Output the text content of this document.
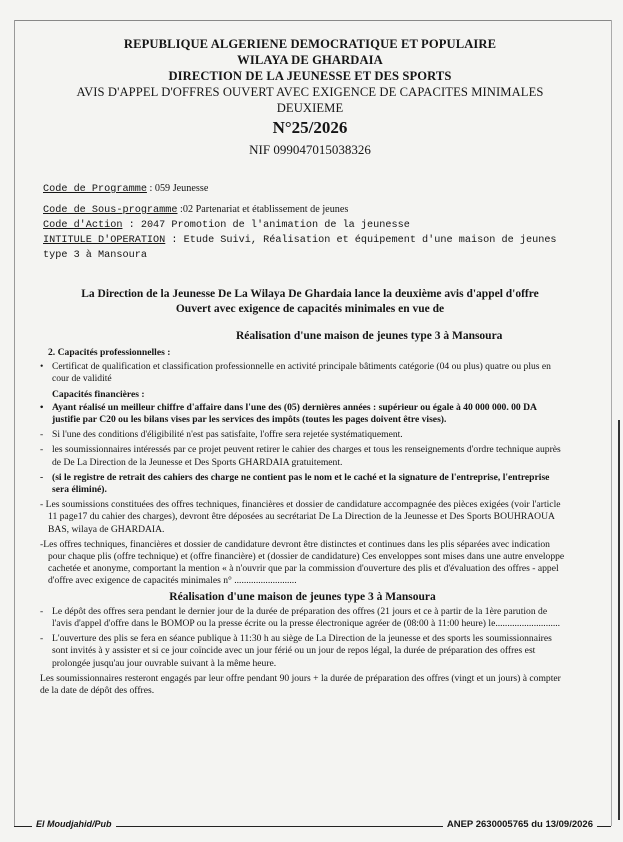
REPUBLIQUE ALGERIENE DEMOCRATIQUE ET POPULAIRE
WILAYA DE GHARDAIA
DIRECTION DE LA JEUNESSE ET DES SPORTS
AVIS D'APPEL D'OFFRES OUVERT AVEC EXIGENCE DE CAPACITES MINIMALES
DEUXIEME
N°25/2026
NIF 099047015038326
Code de Programme : 059 Jeunesse
Code de Sous-programme :02 Partenariat et établissement de jeunes
Code d'Action : 2047 Promotion de l'animation de la jeunesse
INTITULE D'OPERATION : Etude Suivi, Réalisation et équipement d'une maison de jeunes type 3 à Mansoura
La Direction de la Jeunesse De La Wilaya De Ghardaia lance la deuxième avis d'appel d'offre
Ouvert avec exigence de capacités minimales en vue de
Réalisation d'une maison de jeunes type 3 à Mansoura

2. Capacités professionnelles :

• Certificat de qualification et classification professionnelle en activité principale bâtiments catégorie (04 ou plus) quatre ou plus en cour de validité

Capacités financières :

• Ayant réalisé un meilleur chiffre d'affaire dans l'une des (05) dernières années : supérieur ou égale à 40 000 000. 00 DA justifie par C20 ou les bilans vises par les services des impôts (toutes les pages doivent être vises).

- Si l'une des conditions d'éligibilité n'est pas satisfaite, l'offre sera rejetée systématiquement.

- les soumissionnaires intéressés par ce projet peuvent retirer le cahier des charges et tous les renseignements d'ordre technique auprès de De La Direction de la Jeunesse et Des Sports GHARDAIA gratuitement.

- (si le registre de retrait des cahiers des charge ne contient pas le nom et le caché et la signature de l'entreprise, l'entreprise sera éliminé).

- Les soumissions constituées des offres techniques, financières et dossier de candidature accompagnée des pièces exigées (voir l'article 11 page17 du cahier des charges), devront être déposées au secrétariat De La Direction de la Jeunesse et Des Sports BOUHRAOUA BAS, wilaya de GHARDAIA.

-Les offres techniques, financières et dossier de candidature devront être distinctes et continues dans les plis séparées avec indication pour chaque plis (offre technique) et (offre financière) et (dossier de candidature) Ces enveloppes sont mises dans une autre enveloppe cachetée et anonyme, comportant la mention « à n'ouvrir que par la commission d'ouverture des plis et d'évaluation des offres - appel d'offre avec exigence de capacités minimales n° ..........................

Réalisation d'une maison de jeunes type 3 à Mansoura

- Le dépôt des offres sera pendant le dernier jour de la durée de préparation des offres (21 jours et ce à partir de la 1ère parution de l'avis d'appel d'offre dans le BOMOP ou la presse écrite ou la presse électronique agréer de (08:00 à 11:00 heure) le...........................

- L'ouverture des plis se fera en séance publique à 11:30 h au siège de La Direction de la jeunesse et des sports les soumissionnaires sont invités à y assister et si ce jour coïncide avec un jour férié ou un jour de repos légal, la durée de préparation des offres est prolongée jusqu'au jour ouvrable suivant à la même heure.

Les soumissionnaires resteront engagés par leur offre pendant 90 jours + la durée de préparation des offres (vingt et un jours) à compter de la date de dépôt des offres.

El Moudjahid/Pub	ANEP 2630005765 du 13/09/2026
